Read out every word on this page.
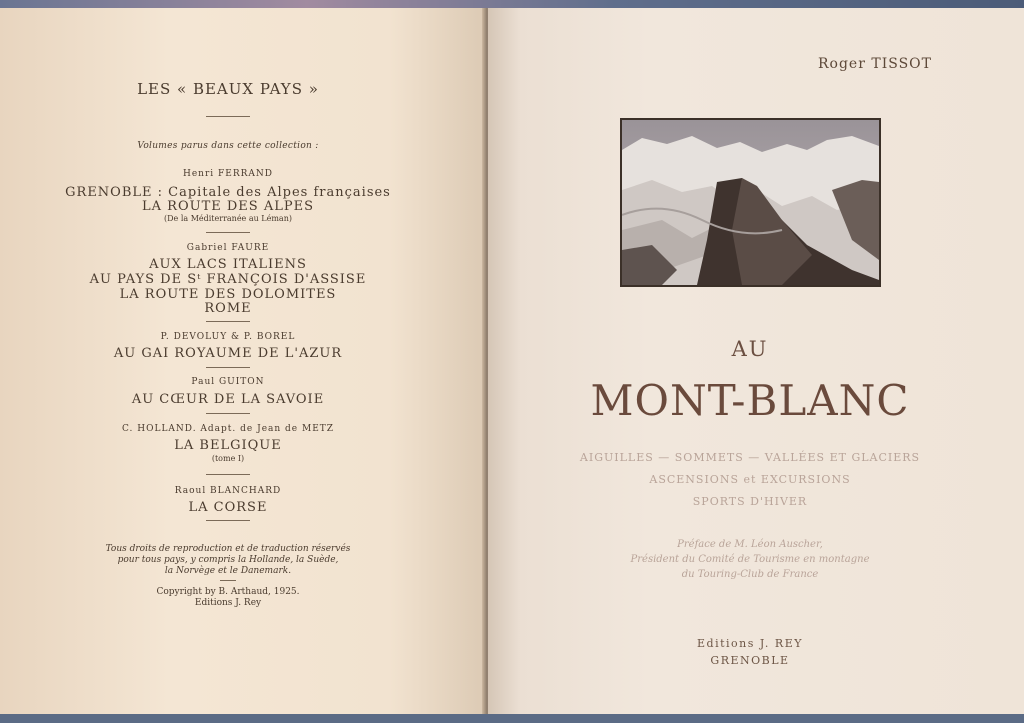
LES « BEAUX PAYS »
Volumes parus dans cette collection :
Henri FERRAND
GRENOBLE : Capitale des Alpes françaises
LA ROUTE DES ALPES
(De la Méditerranée au Léman)
Gabriel FAURE
AUX LACS ITALIENS
AU PAYS DE Sᵗ FRANÇOIS D'ASSISE
LA ROUTE DES DOLOMITES
ROME
P. DEVOLUY & P. BOREL
AU GAI ROYAUME DE L'AZUR
Paul GUITON
AU CŒUR DE LA SAVOIE
C. HOLLAND. Adapt. de Jean de METZ
LA BELGIQUE
(tome I)
Raoul BLANCHARD
LA CORSE
Tous droits de reproduction et de traduction réservés
pour tous pays, y compris la Hollande, la Suède,
la Norvège et le Danemark.
Copyright by B. Arthaud, 1925.
Editions J. Rey
Roger TISSOT
AU
MONT-BLANC
AIGUILLES — SOMMETS — VALLÉES ET GLACIERS
ASCENSIONS et EXCURSIONS
SPORTS D'HIVER
Préface de M. Léon Auscher,
Président du Comité de Tourisme en montagne
du Touring-Club de France
Editions J. REY
GRENOBLE
